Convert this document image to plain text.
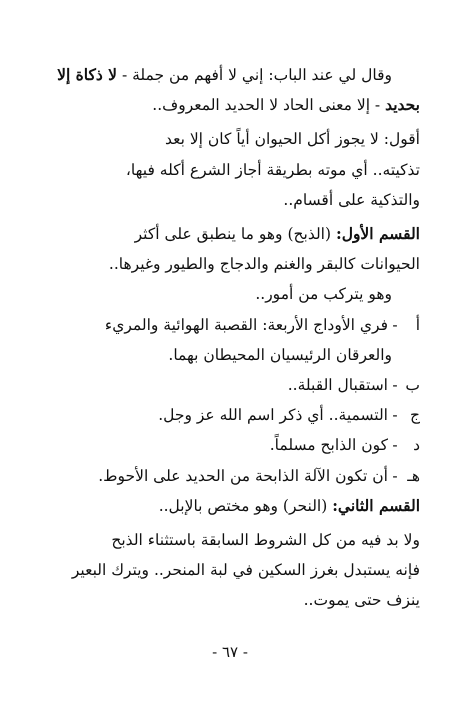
وقال لي عند الباب: إني لا أفهم من جملة - لا ذكاة إلا
بحديد - إلا معنى الحاد لا الحديد المعروف..
أقول: لا يجوز أكل الحيوان أياً كان إلا بعد
تذكيته.. أي موته بطريقة أجاز الشرع أكله فيها،
والتذكية على أقسام..
القسم الأول: (الذبح) وهو ما ينطبق على أكثر
الحيوانات كالبقر والغنم والدجاج والطيور وغيرها..
وهو يتركب من أمور..
أ
-
فري الأوداج الأربعة: القصبة الهوائية والمريء
والعرقان الرئيسيان المحيطان بهما.
ب
-
استقبال القبلة..
ج
-
التسمية.. أي ذكر اسم الله عز وجل.
د
-
كون الذابح مسلماً.
هـ
-
أن تكون الآلة الذابحة من الحديد على الأحوط.
القسم الثاني: (النحر) وهو مختص بالإبل..
ولا بد فيه من كل الشروط السابقة باستثناء الذبح
فإنه يستبدل بغرز السكين في لبة المنحر.. ويترك البعير
ينزف حتى يموت..
- ٦٧ -
